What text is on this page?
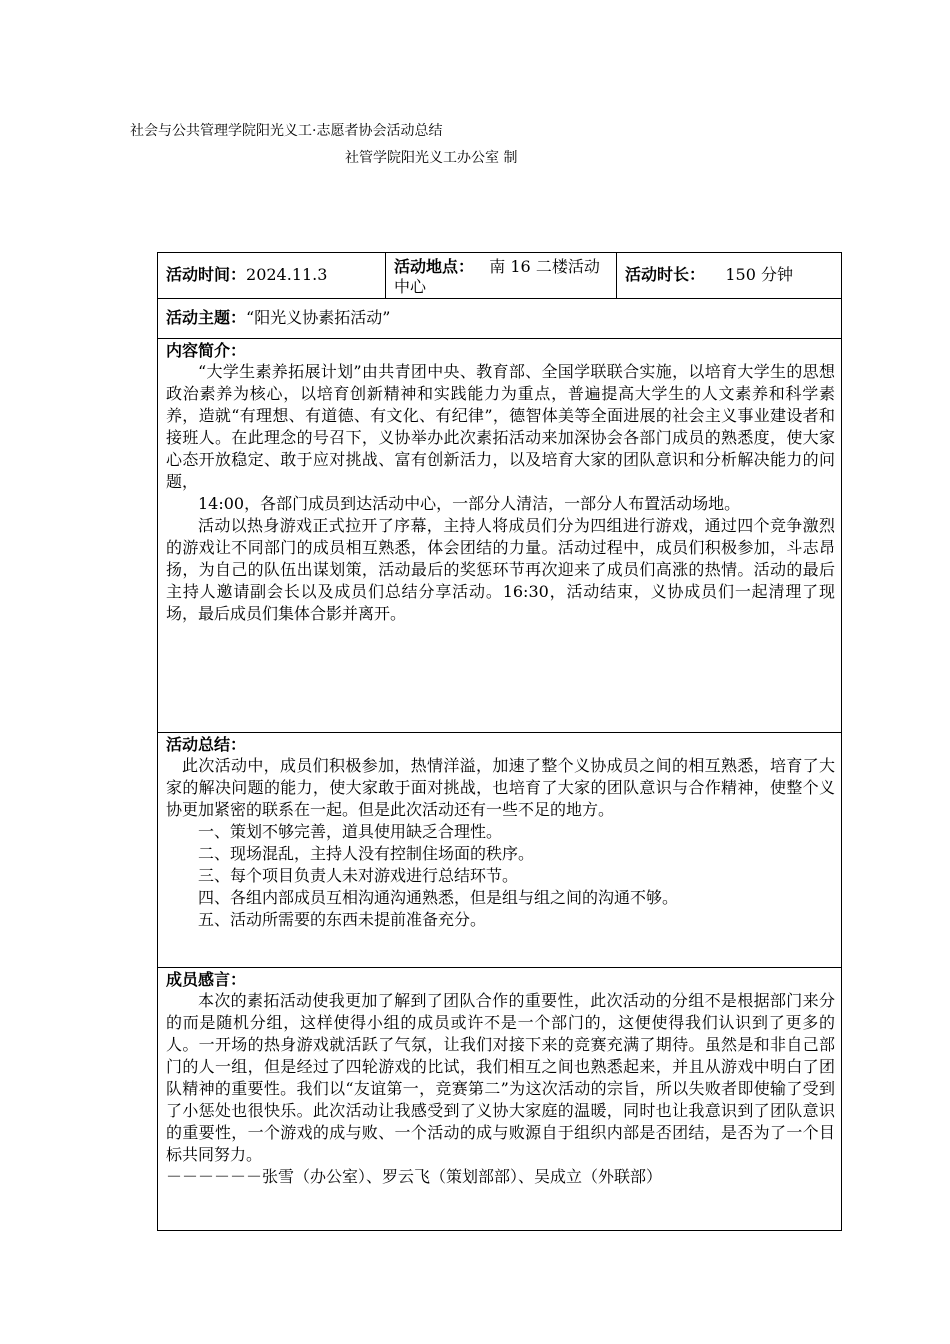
社会与公共管理学院阳光义工·志愿者协会活动总结
社管学院阳光义工办公室 制
活动时间：2024.11.3	活动地点： 南 16 二楼活动中心
活动时长： 150 分钟
活动主题：“阳光义协素拓活动”
内容简介：

“大学生素养拓展计划”由共青团中央、教育部、全国学联联合实施，以培育大学生的思想政治素养为核心，以培育创新精神和实践能力为重点，普遍提高大学生的人文素养和科学素养，造就“有理想、有道德、有文化、有纪律”，德智体美等全面进展的社会主义事业建设者和接班人。在此理念的号召下，义协举办此次素拓活动来加深协会各部门成员的熟悉度，使大家心态开放稳定、敢于应对挑战、富有创新活力，以及培育大家的团队意识和分析解决能力的问题，

14:00，各部门成员到达活动中心，一部分人清洁，一部分人布置活动场地。

活动以热身游戏正式拉开了序幕，主持人将成员们分为四组进行游戏，通过四个竞争激烈的游戏让不同部门的成员相互熟悉，体会团结的力量。活动过程中，成员们积极参加，斗志昂扬，为自己的队伍出谋划策，活动最后的奖惩环节再次迎来了成员们高涨的热情。活动的最后主持人邀请副会长以及成员们总结分享活动。16:30，活动结束，义协成员们一起清理了现场，最后成员们集体合影并离开。

活动总结：

此次活动中，成员们积极参加，热情洋溢，加速了整个义协成员之间的相互熟悉，培育了大家的解决问题的能力，使大家敢于面对挑战，也培育了大家的团队意识与合作精神，使整个义协更加紧密的联系在一起。但是此次活动还有一些不足的地方。

一、策划不够完善，道具使用缺乏合理性。

二、现场混乱，主持人没有控制住场面的秩序。

三、每个项目负责人未对游戏进行总结环节。

四、各组内部成员互相沟通沟通熟悉，但是组与组之间的沟通不够。

五、活动所需要的东西未提前准备充分。

成员感言：

本次的素拓活动使我更加了解到了团队合作的重要性，此次活动的分组不是根据部门来分的而是随机分组，这样使得小组的成员或许不是一个部门的，这便使得我们认识到了更多的人。一开场的热身游戏就活跃了气氛，让我们对接下来的竞赛充满了期待。虽然是和非自己部门的人一组，但是经过了四轮游戏的比试，我们相互之间也熟悉起来，并且从游戏中明白了团队精神的重要性。我们以“友谊第一，竞赛第二”为这次活动的宗旨，所以失败者即使输了受到了小惩处也很快乐。此次活动让我感受到了义协大家庭的温暖，同时也让我意识到了团队意识的重要性，一个游戏的成与败、一个活动的成与败源自于组织内部是否团结，是否为了一个目标共同努力。

－－－－－－张雪（办公室）、罗云飞（策划部部）、吴成立（外联部）
